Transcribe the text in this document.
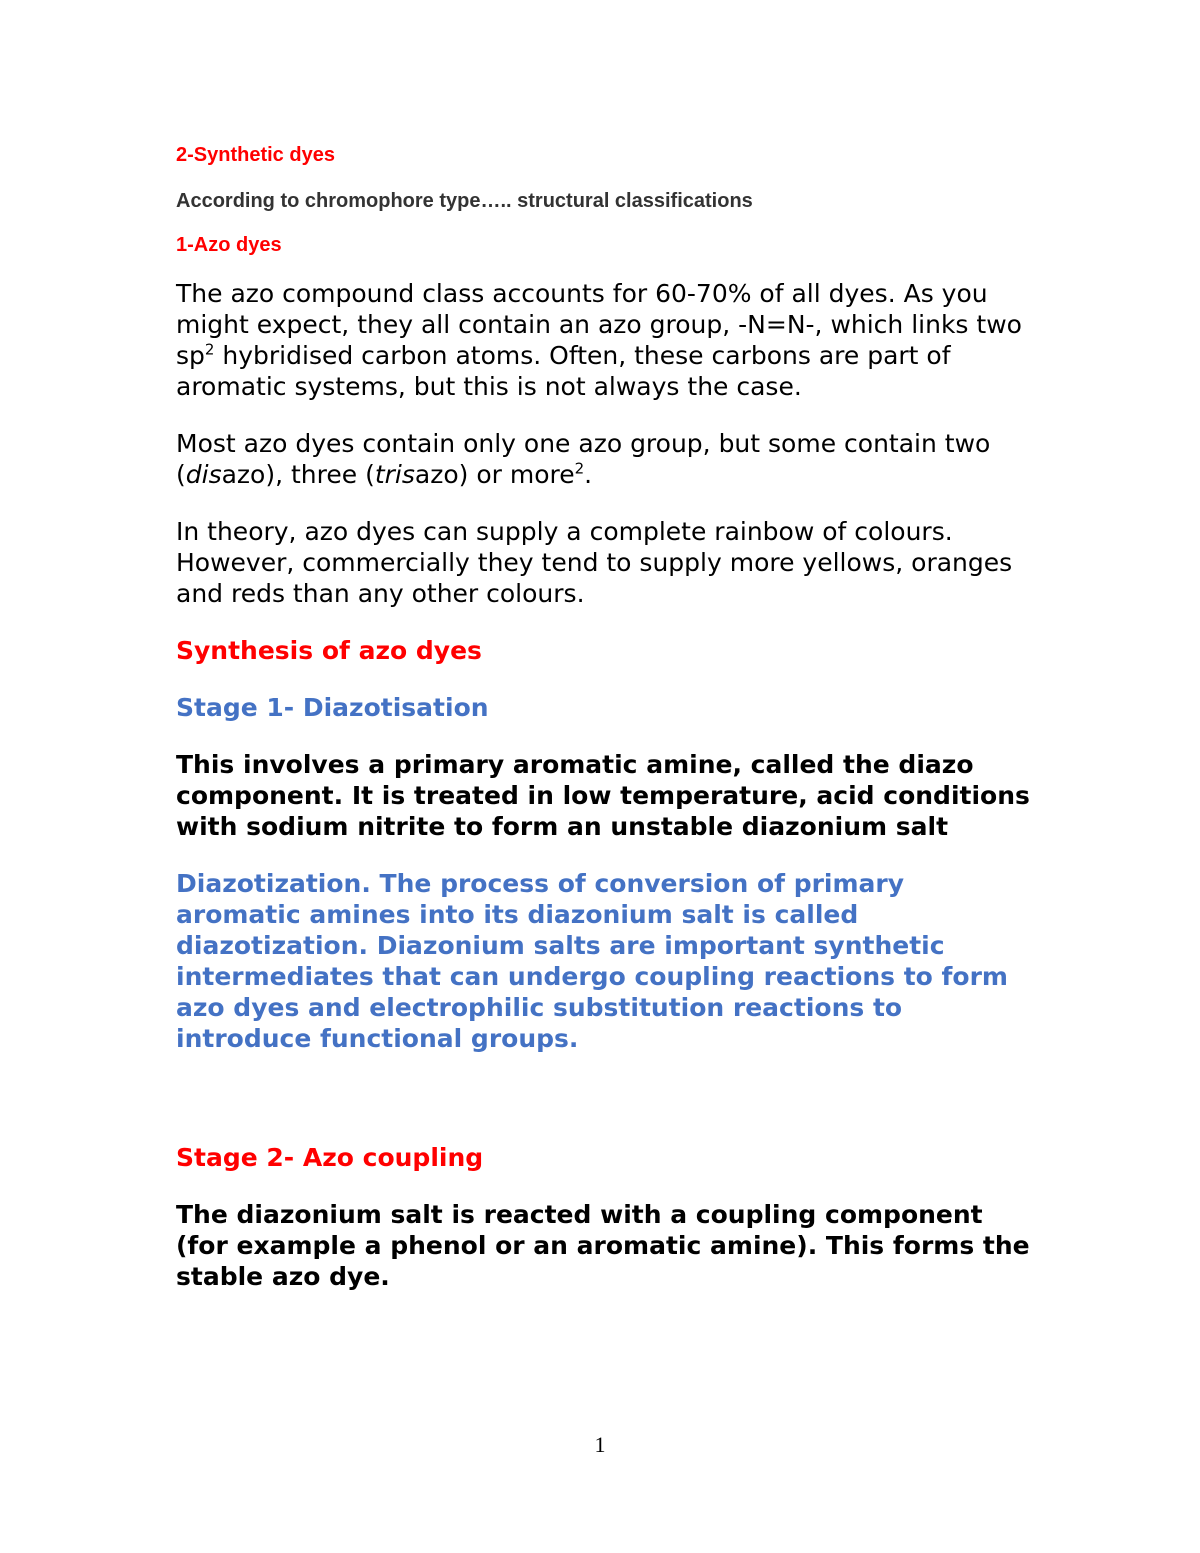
2-Synthetic dyes

According to chromophore type….. structural classifications

1-Azo dyes

The azo compound class accounts for 60-70% of all dyes. As you might expect, they all contain an azo group, -N=N-, which links two $sp^2$ hybridised carbon atoms. Often, these carbons are part of aromatic systems, but this is not always the case.

Most azo dyes contain only one azo group, but some contain two (disazo), three (trisazo) or more$^2$.

In theory, azo dyes can supply a complete rainbow of colours. However, commercially they tend to supply more yellows, oranges and reds than any other colours.

Synthesis of azo dyes

Stage 1- Diazotisation

This involves a primary aromatic amine, called the diazo component. It is treated in low temperature, acid conditions with sodium nitrite to form an unstable diazonium salt

Diazotization. The process of conversion of primary aromatic amines into its diazonium salt is called diazotization. Diazonium salts are important synthetic intermediates that can undergo coupling reactions to form azo dyes and electrophilic substitution reactions to introduce functional groups.

Stage 2- Azo coupling

The diazonium salt is reacted with a coupling component (for example a phenol or an aromatic amine). This forms the stable azo dye.

1
